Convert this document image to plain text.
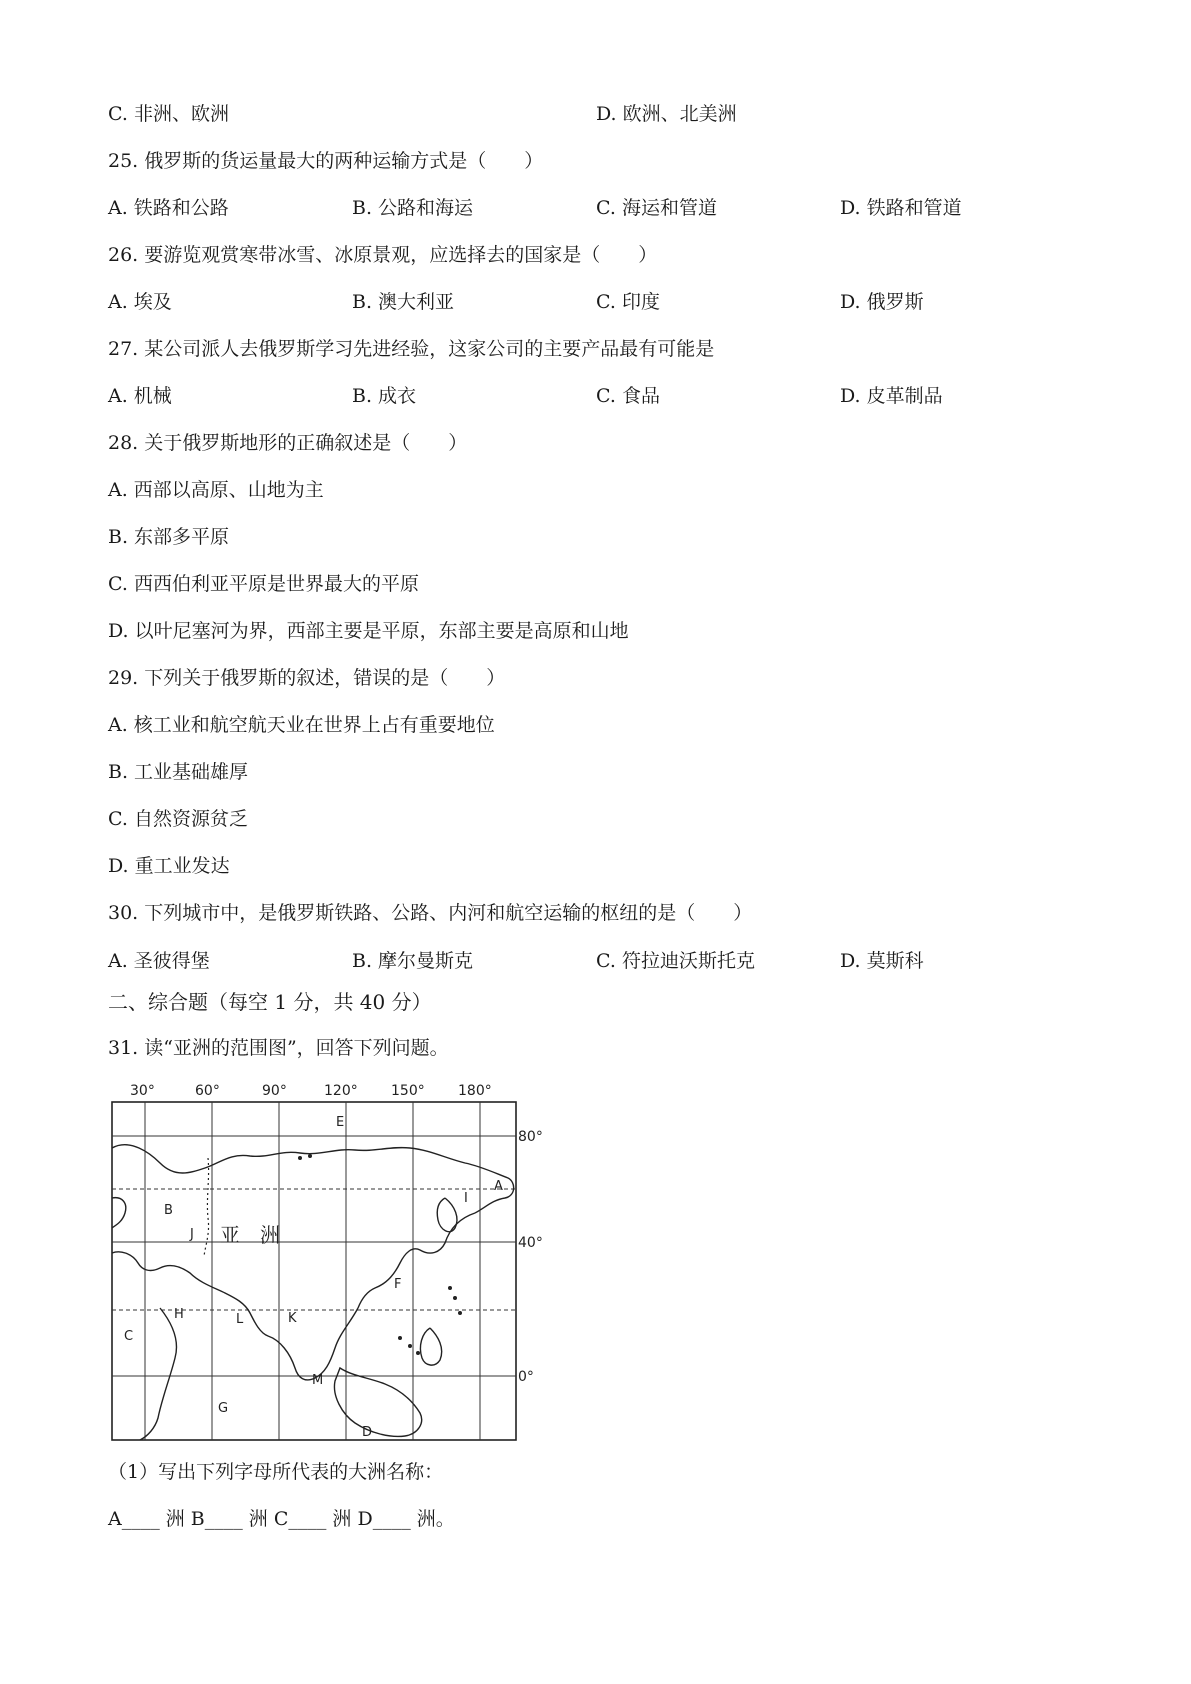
C. 非洲、欧洲	D. 欧洲、北美洲
25. 俄罗斯的货运量最大的两种运输方式是（　　）
A. 铁路和公路	B. 公路和海运	C. 海运和管道	D. 铁路和管道
26. 要游览观赏寒带冰雪、冰原景观，应选择去的国家是（　　）
A. 埃及	B. 澳大利亚	C. 印度	D. 俄罗斯
27. 某公司派人去俄罗斯学习先进经验，这家公司的主要产品最有可能是
A. 机械	B. 成衣	C. 食品	D. 皮革制品
28. 关于俄罗斯地形的正确叙述是（　　）
A. 西部以高原、山地为主
B. 东部多平原
C. 西西伯利亚平原是世界最大的平原
D. 以叶尼塞河为界，西部主要是平原，东部主要是高原和山地
29. 下列关于俄罗斯的叙述，错误的是（　　）
A. 核工业和航空航天业在世界上占有重要地位
B. 工业基础雄厚
C. 自然资源贫乏
D. 重工业发达
30. 下列城市中，是俄罗斯铁路、公路、内河和航空运输的枢纽的是（　　）
A. 圣彼得堡	B. 摩尔曼斯克	C. 符拉迪沃斯托克	D. 莫斯科
二、综合题（每空 1 分，共 40 分）
31. 读“亚洲的范围图”，回答下列问题。
30°	60°	90°	120° 150° 180°
80°
40°
0°
A
B
C
D
E
F
G
H
I
J
K
L
M
亚　洲
（1）写出下列字母所代表的大洲名称：
A____ 洲 B____ 洲 C____ 洲 D____ 洲。
